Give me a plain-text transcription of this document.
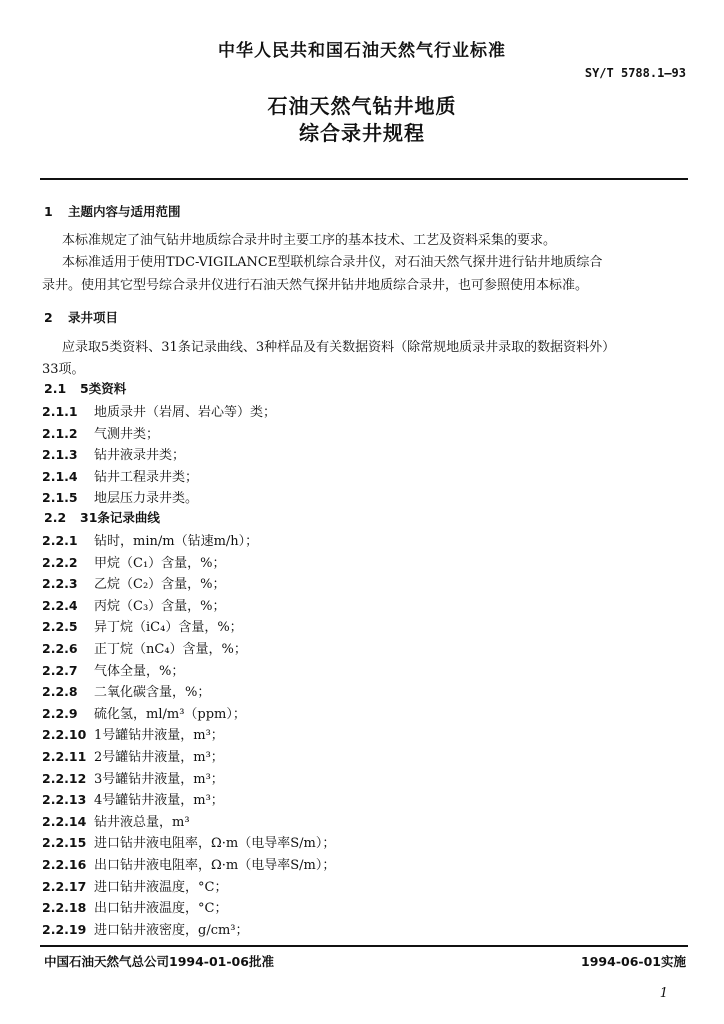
中华人民共和国石油天然气行业标准
SY/T 5788.1—93
石油天然气钻井地质
综合录井规程
1 主题内容与适用范围
本标准规定了油气钻井地质综合录井时主要工序的基本技术、工艺及资料采集的要求。
本标准适用于使用TDC-VIGILANCE型联机综合录井仪，对石油天然气探井进行钻井地质综合
录井。使用其它型号综合录井仪进行石油天然气探井钻井地质综合录井，也可参照使用本标准。
2 录井项目
应录取5类资料、31条记录曲线、3种样品及有关数据资料（除常规地质录井录取的数据资料外）
33项。
2.1 5类资料
2.1.1 地质录井（岩屑、岩心等）类；
2.1.2 气测井类；
2.1.3 钻井液录井类；
2.1.4 钻井工程录井类；
2.1.5 地层压力录井类。
2.2 31条记录曲线
2.2.1 钻时，min/m（钻速m/h）；
2.2.2 甲烷（C₁）含量，%；
2.2.3 乙烷（C₂）含量，%；
2.2.4 丙烷（C₃）含量，%；
2.2.5 异丁烷（iC₄）含量，%；
2.2.6 正丁烷（nC₄）含量，%；
2.2.7 气体全量，%；
2.2.8 二氧化碳含量，%；
2.2.9 硫化氢，ml/m³（ppm）；
2.2.10 1号罐钻井液量，m³；
2.2.11 2号罐钻井液量，m³；
2.2.12 3号罐钻井液量，m³；
2.2.13 4号罐钻井液量，m³；
2.2.14 钻井液总量，m³
2.2.15 进口钻井液电阻率，Ω·m（电导率S/m）；
2.2.16 出口钻井液电阻率，Ω·m（电导率S/m）；
2.2.17 进口钻井液温度，°C；
2.2.18 出口钻井液温度，°C；
2.2.19 进口钻井液密度，g/cm³；
中国石油天然气总公司1994-01-06批准	1994-06-01实施
1
